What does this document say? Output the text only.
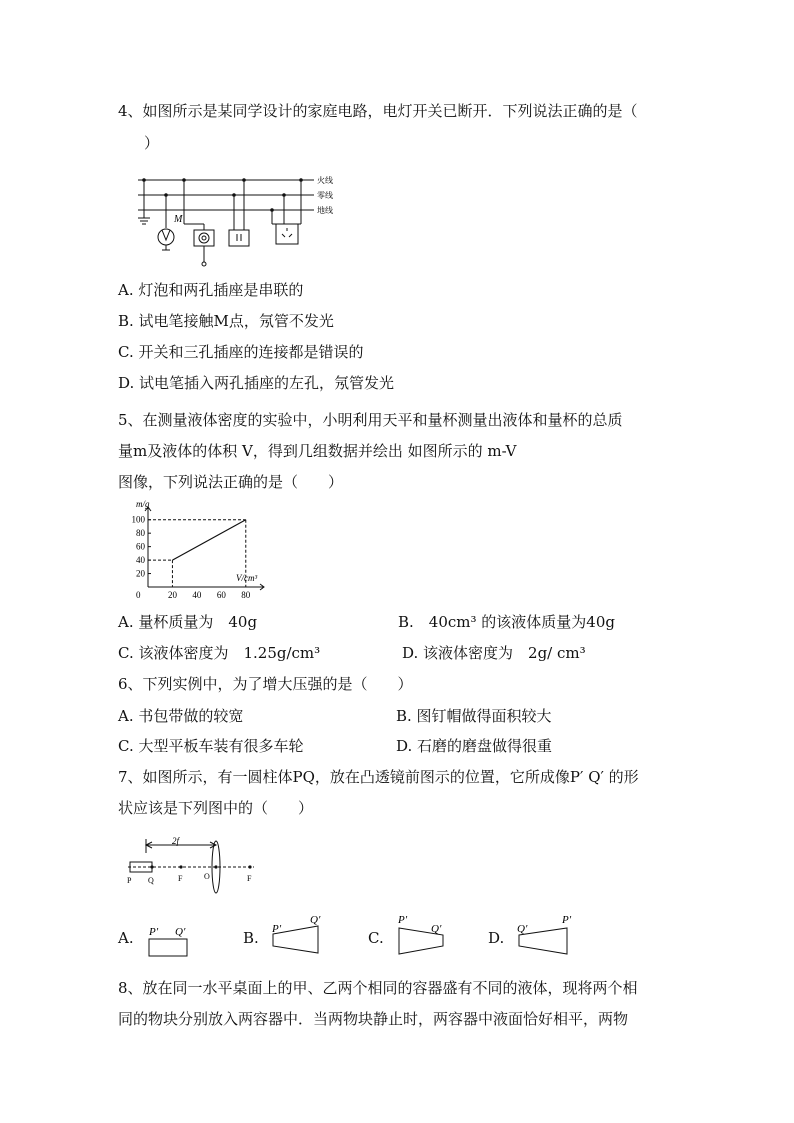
4、如图所示是某同学设计的家庭电路，电灯开关已断开．下列说法正确的是（
）
火线
零线
地线
M
A. 灯泡和两孔插座是串联的
B. 试电笔接触M点，氖管不发光
C. 开关和三孔插座的连接都是错误的
D. 试电笔插入两孔插座的左孔，氖管发光
5、在测量液体密度的实验中，小明利用天平和量杯测量出液体和量杯的总质
量m及液体的体积 V，得到几组数据并绘出 如图所示的 m-V
图像，下列说法正确的是（　　）
20 40 60 80
20
40
60
80
100
0
m/g
V/cm³
A. 量杯质量为　40g	B.　40cm³ 的该液体质量为40g
C. 该液体密度为　1.25g/cm³	D. 该液体密度为　2g/ cm³
6、下列实例中，为了增大压强的是（　　）
A. 书包带做的较宽	B. 图钉帽做得面积较大
C. 大型平板车装有很多车轮	D. 石磨的磨盘做得很重
7、如图所示，有一圆柱体PQ，放在凸透镜前图示的位置，它所成像P′ Q′ 的形
状应该是下列图中的（　　）
2f
P Q	F	O	F
A. P′ Q′	B. P′
Q′
C.
P′
Q′	D. Q′
P′
8、放在同一水平桌面上的甲、乙两个相同的容器盛有不同的液体，现将两个相
同的物块分别放入两容器中．当两物块静止时，两容器中液面恰好相平，两物
